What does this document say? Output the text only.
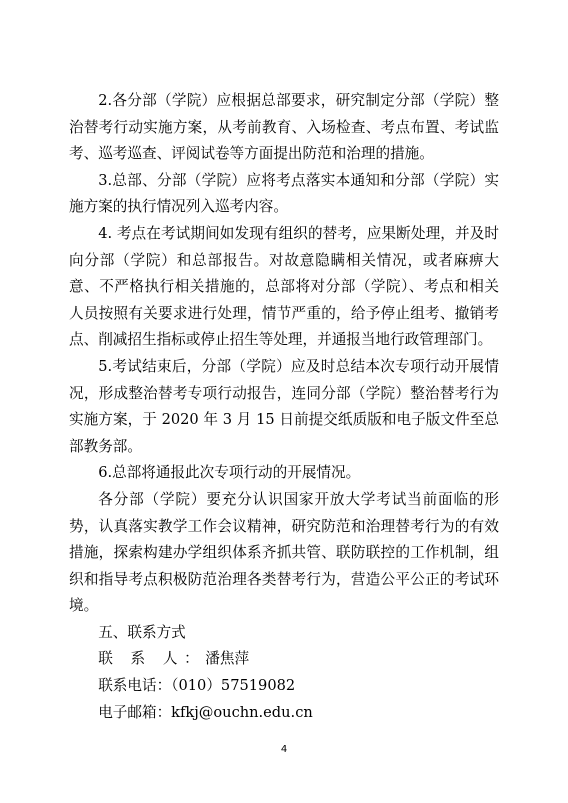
2.各分部（学院）应根据总部要求，研究制定分部（学院）整治替考行动实施方案，从考前教育、入场检查、考点布置、考试监考、巡考巡查、评阅试卷等方面提出防范和治理的措施。

3.总部、分部（学院）应将考点落实本通知和分部（学院）实施方案的执行情况列入巡考内容。

4. 考点在考试期间如发现有组织的替考，应果断处理，并及时向分部（学院）和总部报告。对故意隐瞒相关情况，或者麻痹大意、不严格执行相关措施的，总部将对分部（学院）、考点和相关人员按照有关要求进行处理，情节严重的，给予停止组考、撤销考点、削减招生指标或停止招生等处理，并通报当地行政管理部门。

5.考试结束后，分部（学院）应及时总结本次专项行动开展情况，形成整治替考专项行动报告，连同分部（学院）整治替考行为实施方案，于 2020 年 3 月 15 日前提交纸质版和电子版文件至总部教务部。

6.总部将通报此次专项行动的开展情况。

各分部（学院）要充分认识国家开放大学考试当前面临的形势，认真落实教学工作会议精神，研究防范和治理替考行为的有效措施，探索构建办学组织体系齐抓共管、联防联控的工作机制，组织和指导考点积极防范治理各类替考行为，营造公平公正的考试环境。

五、联系方式

联 系 人：潘焦萍

联系电话：（010）57519082

电子邮箱：kfkj@ouchn.edu.cn

4
